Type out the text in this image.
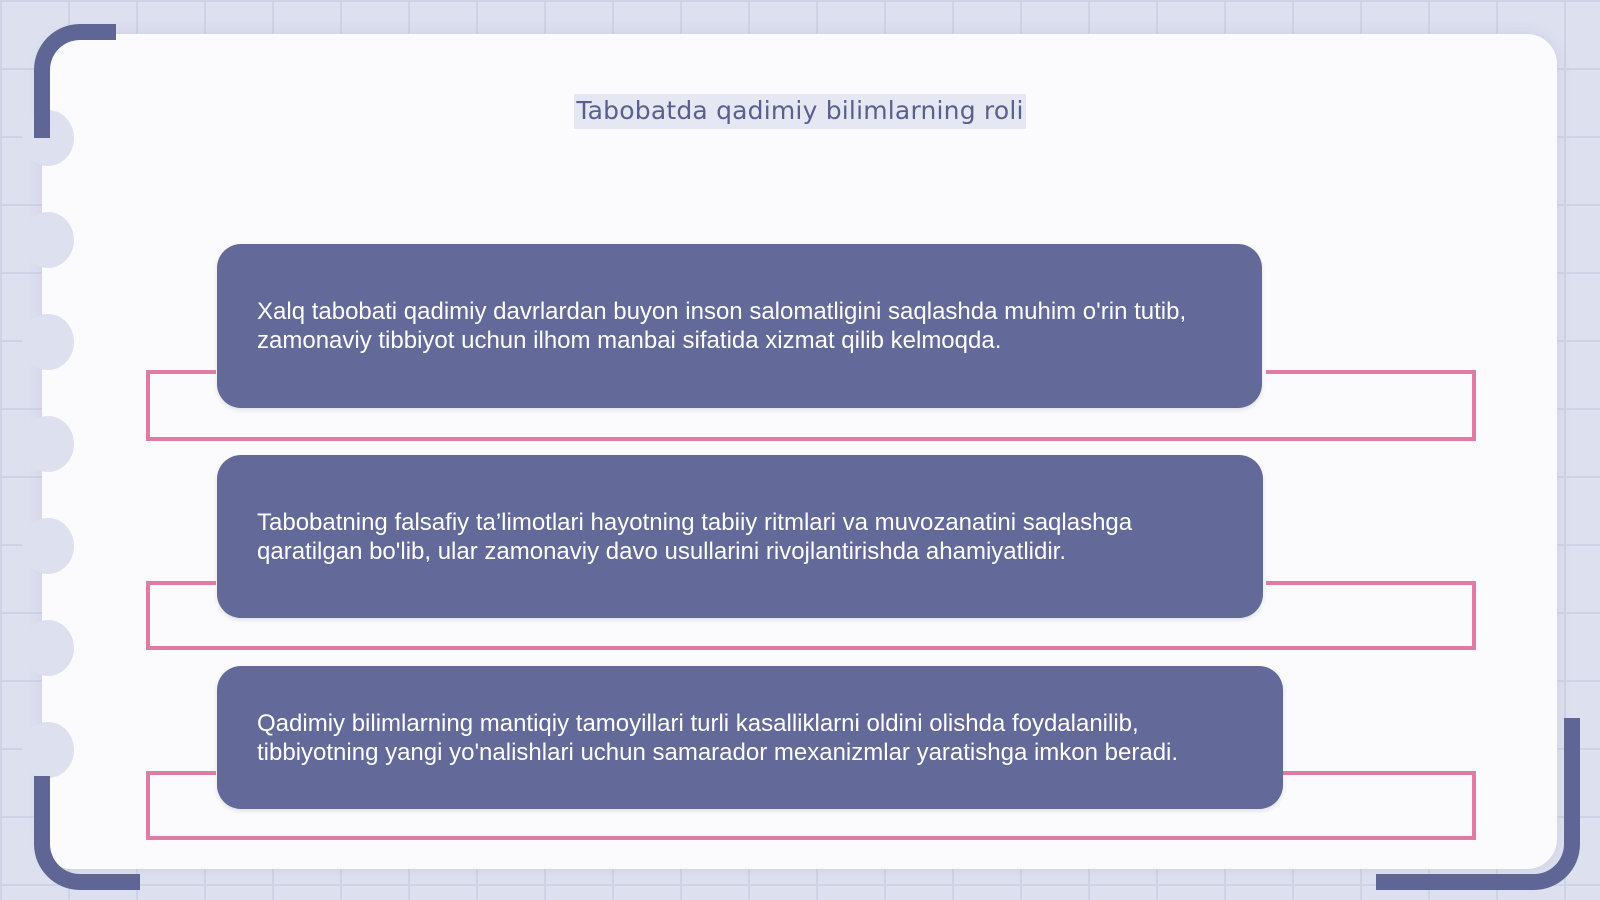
Tabobatda qadimiy bilimlarning roli

Xalq tabobati qadimiy davrlardan buyon inson salomatligini saqlashda muhim o'rin tutib, zamonaviy tibbiyot uchun ilhom manbai sifatida xizmat qilib kelmoqda.

Tabobatning falsafiy ta’limotlari hayotning tabiiy ritmlari va muvozanatini saqlashga qaratilgan bo'lib, ular zamonaviy davo usullarini rivojlantirishda ahamiyatlidir.

Qadimiy bilimlarning mantiqiy tamoyillari turli kasalliklarni oldini olishda foydalanilib, tibbiyotning yangi yo'nalishlari uchun samarador mexanizmlar yaratishga imkon beradi.
